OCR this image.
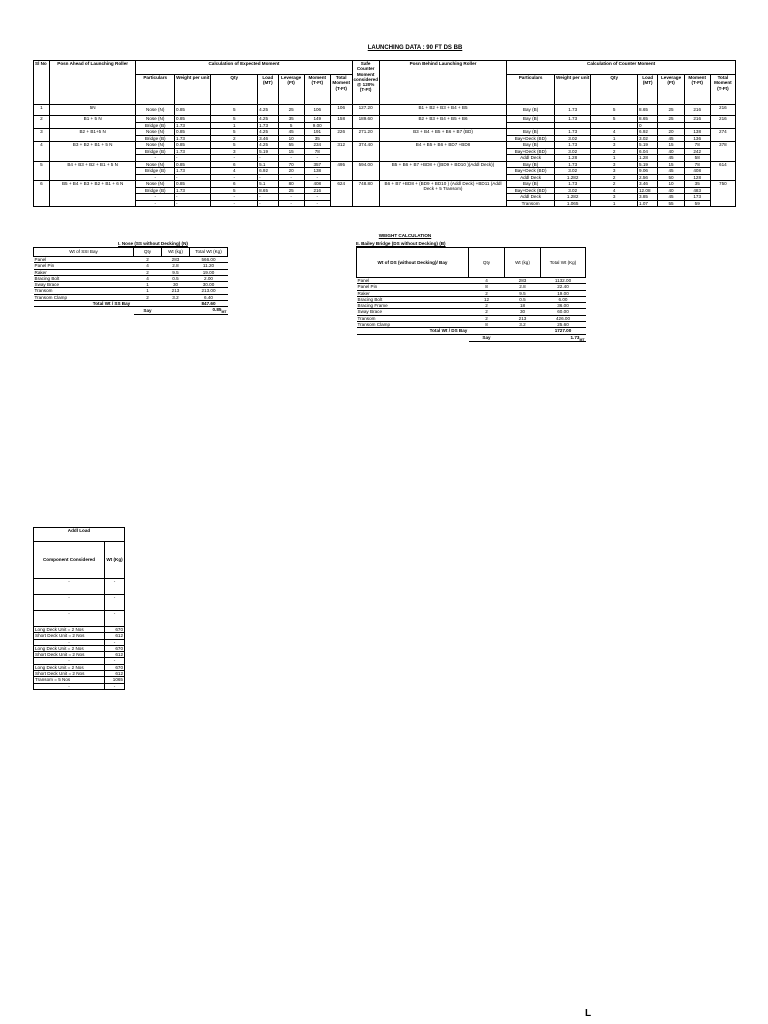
LAUNCHING DATA : 90 FT DS BB
Sl No	Posn Ahead of Launching Roller	Calculation of Expected Moment							Safe Counter Moment considered @ 120% (T-Ft)	Posn Behind Launching Roller	Calculation of Counter Moment						
		Particulars	Weight per unit	Qty	Load (MT)	Leverage (Ft)	Moment (T-Ft)	Total Moment (T-Ft)			Particulars	Weight per unit	Qty	Load (MT)	Leverage (Ft)	Moment (T-Ft)	Total Moment (T-Ft)
1	5N	Nose (N)	0.85	5	4.25	25	106	106	127.20	B1 + B2 + B3 + B4 + B5	Bay (B)	1.73	5	8.65	25	216	216
2	B1 + 5 N	Nose (N)	0.85	5	4.25	35	149	158	189.60	B2 + B3 + B4 + B5 + B6	Bay (B)	1.73	5	8.65	25	216	216
		Bridge (B)	1.73	1	1.73	5	9.00							0			
3	B2 + B1+5 N	Nose (N)	0.85	5	4.25	45	191	226	271.20	B3 + B4 + B5 + B6 + B7 (BD)	Bay (B)	1.73	4	6.92	20	138	274
		Bridge (B)	1.73	2	3.46	10	35				Bay+Deck (BD)	3.02	1	3.02	45	136	
4	B3 + B2 + B1 + 5 N	Nose (N)	0.85	5	4.25	55	234	312	374.40	B4 + B5 + B6 + BD7 +BD8	Bay (B)	1.73	3	5.19	15	78	378
		Bridge (B)	1.73	3	5.19	15	78				Bay+Deck (BD)	3.02	2	6.04	40	242	
		-	-	-	-	-	-				Addl Deck	1.28	1	1.28	45	58	
5	B4 + B3 + B2 + B1 + 5 N	Nose (N)	0.85	6	5.1	70	357	495	594.00	B5 + B6 + B7 +BD8 + ((BD9 + BD10 )(Addl Deck))	Bay (B)	1.73	3	5.19	15	78	614
		Bridge (B)	1.73	4	6.92	20	138				Bay+Deck (BD)	3.02	3	9.06	45	408	
		-	-	-	-	-	-				Addl Deck	1.282	2	2.56	50	128	
6	B5 + B4 + B3 + B2 + B1 + 6 N	Nose (N)	0.85	6	5.1	80	408	624	748.80	B6 + B7 +BD8 + (BD9 + BD10 ) (Addl Deck) +BD11 (Addl Deck + 5 Transom)	Bay (B)	1.73	2	3.46	10	35	750
		Bridge (B)	1.73	5	8.65	25	216				Bay+Deck (BD)	3.02	4	12.08	40	483	
		-	-	-	-	-	-				Addl Deck	1.282	3	3.85	45	173	
		-	-	-	-	-	-				Transom	1.065	1	1.07	55	59	
WEIGHT CALCULATION
I. Nose (SS without Decking) (N)
Wt of SSI Bay	Qty	Wt (kg)	Total Wt (Kg)
Panel	2	283	566.00
Panel Pin	4	2.8	11.20
Raker	2	9.5	19.00
Bracing Bolt	4	0.5	2.00
Sway Brace	1	30	30.00
Transom	1	213	213.00
Transom Clamp	2	3.2	6.40
Total Wt / SS Bay			847.60
	Say	$0.85_{MT}$
II. Bailey Bridge (DS without Decking) (B)
Wt of DS (without Decking)/ Bay	Qty	Wt (kg)	Total Wt (Kg)
Panel	4	283	1132.00
Panel Pin	8	2.8	22.40
Raker	2	9.5	19.00
Bracing Bolt	12	0.5	6.00
Bracing Frame	2	18	36.00
Sway Brace	2	30	60.00
Transom	2	213	426.00
Transom Clamp	8	3.2	25.60
Total Wt / DS Bay			1727.00
	Say	$1.73_{MT}$
Addl Load	
Component Considered	Wt (Kg)
-	-
-	-
-	-
Long Deck Unit = 2 Nos	670
Short Deck Unit = 2 Nos	612
-	-
Long Deck Unit = 2 Nos	670
Short Deck Unit = 2 Nos	612
-	-
Long Deck Unit = 2 Nos	670
Short Deck Unit = 2 Nos	612
Transom = 5 Nos	1065
-	-
L
